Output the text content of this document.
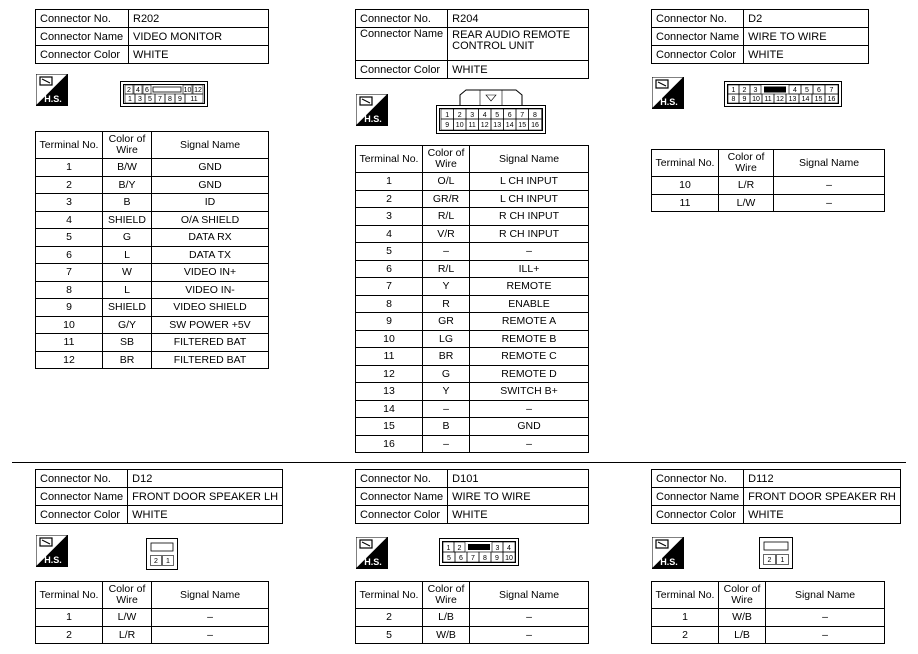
Connector No.	R202
Connector Name	VIDEO MONITOR
Connector Color	WHITE
H.S.
2 4 6	10 12
1 3 5 7 8 9 11
Terminal No.	Color of Wire	Signal Name
1	B/W	GND
2	B/Y	GND
3	B	ID
4	SHIELD	O/A SHIELD
5	G	DATA RX
6	L	DATA TX
7	W	VIDEO IN+
8	L	VIDEO IN-
9	SHIELD	VIDEO SHIELD
10	G/Y	SW POWER +5V
11	SB	FILTERED BAT
12	BR	FILTERED BAT
Connector No.	R204
Connector Name	REAR AUDIO REMOTE CONTROL UNIT
Connector Color	WHITE
H.S.	1 2 3 4 5 6 7 8
9 10 11 12 13 14 15 16
Terminal No.	Color of Wire	Signal Name
1	O/L	L CH INPUT
2	GR/R	L CH INPUT
3	R/L	R CH INPUT
4	V/R	R CH INPUT
5	–	–
6	R/L	ILL+
7	Y	REMOTE
8	R	ENABLE
9	GR	REMOTE A
10	LG	REMOTE B
11	BR	REMOTE C
12	G	REMOTE D
13	Y	SWITCH B+
14	–	–
15	B	GND
16	–	–
Connector No.	D2
Connector Name	WIRE TO WIRE
Connector Color	WHITE
H.S.
1 2 3	4 5 6 7
8 9 10 11 12 13 14 15 16
Terminal No.	Color of Wire	Signal Name
10	L/R	–
11	L/W	–
Connector No.	D12
Connector Name	FRONT DOOR SPEAKER LH
Connector Color	WHITE
H.S.	2 1
Terminal No.	Color of Wire	Signal Name
1	L/W	–
2	L/R	–
Connector No.	D101
Connector Name	WIRE TO WIRE
Connector Color	WHITE
H.S.
1 2	3 4
5 6 7 8 9 10
Terminal No.	Color of Wire	Signal Name
2	L/B	–
5	W/B	–
Connector No.	D112
Connector Name	FRONT DOOR SPEAKER RH
Connector Color	WHITE
H.S.	2 1
Terminal No.	Color of Wire	Signal Name
1	W/B	–
2	L/B	–
